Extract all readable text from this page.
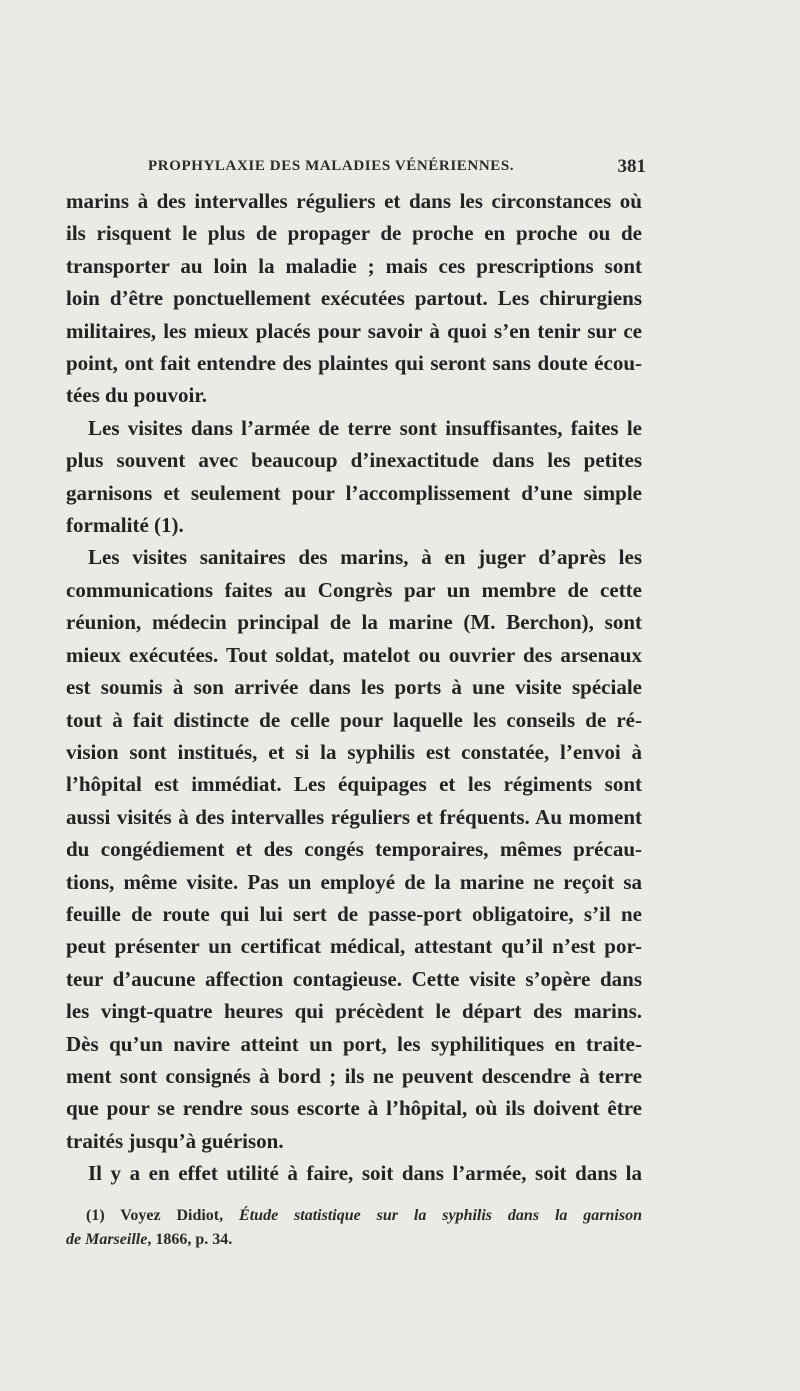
PROPHYLAXIE DES MALADIES VÉNÉRIENNES.	381

marins à des intervalles réguliers et dans les circonstances où
ils risquent le plus de propager de proche en proche ou de
transporter au loin la maladie ; mais ces prescriptions sont
loin d’être ponctuellement exécutées partout. Les chirurgiens
militaires, les mieux placés pour savoir à quoi s’en tenir sur ce
point, ont fait entendre des plaintes qui seront sans doute écou-
tées du pouvoir.

Les visites dans l’armée de terre sont insuffisantes, faites le
plus souvent avec beaucoup d’inexactitude dans les petites
garnisons et seulement pour l’accomplissement d’une simple
formalité (1).

Les visites sanitaires des marins, à en juger d’après les
communications faites au Congrès par un membre de cette
réunion, médecin principal de la marine (M. Berchon), sont
mieux exécutées. Tout soldat, matelot ou ouvrier des arsenaux
est soumis à son arrivée dans les ports à une visite spéciale
tout à fait distincte de celle pour laquelle les conseils de ré-
vision sont institués, et si la syphilis est constatée, l’envoi à
l’hôpital est immédiat. Les équipages et les régiments sont
aussi visités à des intervalles réguliers et fréquents. Au moment
du congédiement et des congés temporaires, mêmes précau-
tions, même visite. Pas un employé de la marine ne reçoit sa
feuille de route qui lui sert de passe-port obligatoire, s’il ne
peut présenter un certificat médical, attestant qu’il n’est por-
teur d’aucune affection contagieuse. Cette visite s’opère dans
les vingt-quatre heures qui précèdent le départ des marins.
Dès qu’un navire atteint un port, les syphilitiques en traite-
ment sont consignés à bord ; ils ne peuvent descendre à terre
que pour se rendre sous escorte à l’hôpital, où ils doivent être
traités jusqu’à guérison.

Il y a en effet utilité à faire, soit dans l’armée, soit dans la

(1) Voyez Didiot, Étude statistique sur la syphilis dans la garnison
de Marseille, 1866, p. 34.
